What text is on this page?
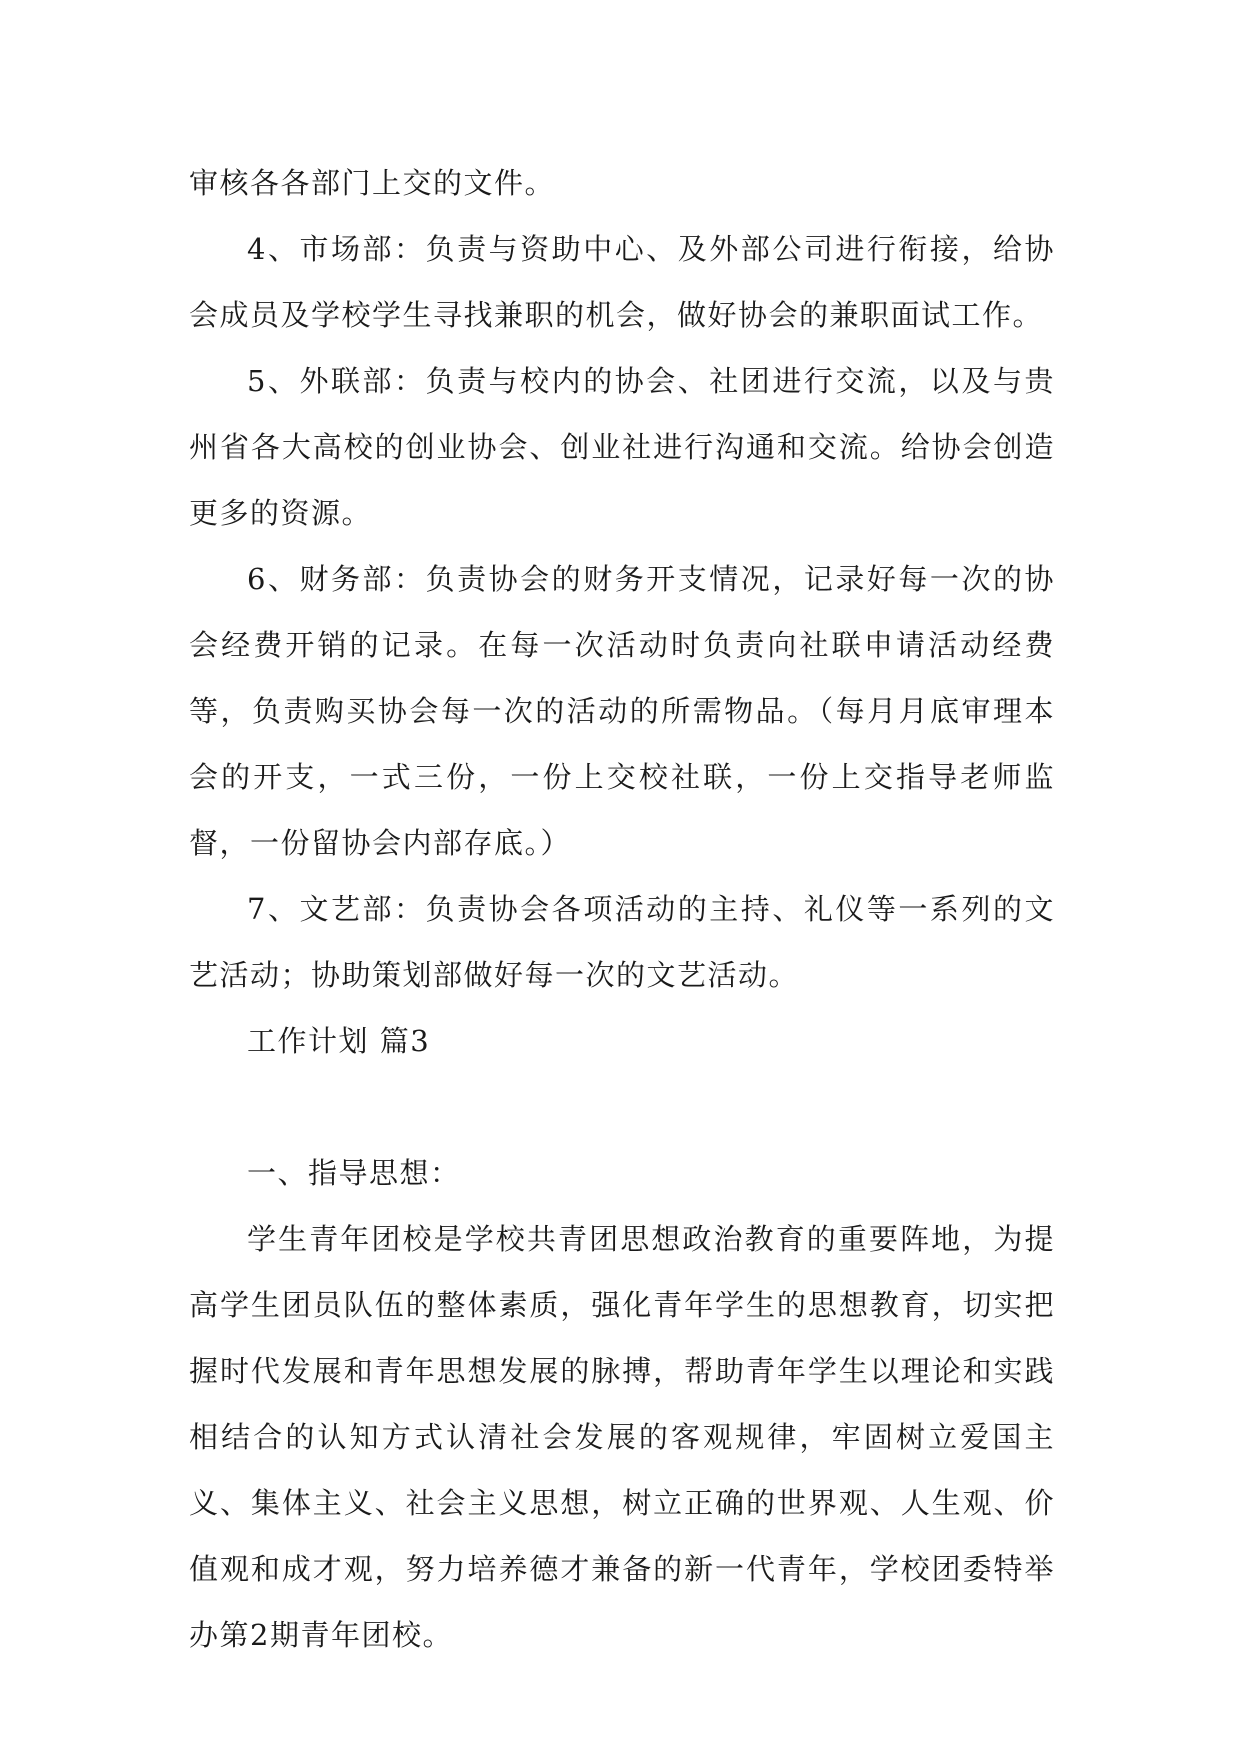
审核各各部门上交的文件。

4、市场部：负责与资助中心、及外部公司进行衔接，给协会成员及学校学生寻找兼职的机会，做好协会的兼职面试工作。

5、外联部：负责与校内的协会、社团进行交流，以及与贵州省各大高校的创业协会、创业社进行沟通和交流。给协会创造更多的资源。

6、财务部：负责协会的财务开支情况，记录好每一次的协会经费开销的记录。在每一次活动时负责向社联申请活动经费等，负责购买协会每一次的活动的所需物品。（每月月底审理本会的开支，一式三份，一份上交校社联，一份上交指导老师监督，一份留协会内部存底。）

7、文艺部：负责协会各项活动的主持、礼仪等一系列的文艺活动；协助策划部做好每一次的文艺活动。

工作计划 篇3

一、指导思想：

学生青年团校是学校共青团思想政治教育的重要阵地，为提高学生团员队伍的整体素质，强化青年学生的思想教育，切实把握时代发展和青年思想发展的脉搏，帮助青年学生以理论和实践相结合的认知方式认清社会发展的客观规律，牢固树立爱国主义、集体主义、社会主义思想，树立正确的世界观、人生观、价值观和成才观，努力培养德才兼备的新一代青年，学校团委特举办第2期青年团校。
